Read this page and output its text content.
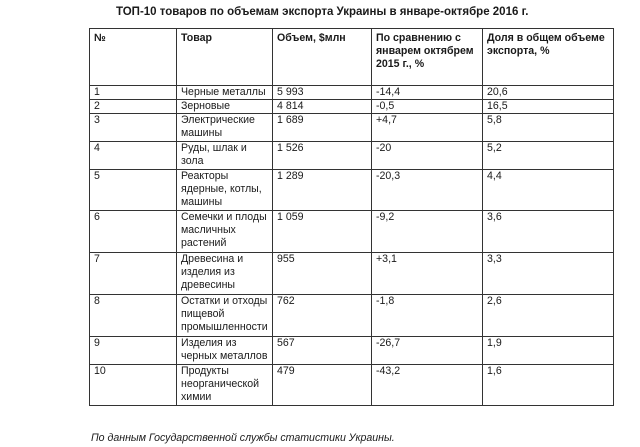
ТОП-10 товаров по объемам экспорта Украины в январе-октябре 2016 г.
№	Товар	Объем, $млн	По сравнению с январем октябрем 2015 г., %	Доля в общем объеме экспорта, %
1	Черные металлы	5 993	-14,4	20,6
2	Зерновые	4 814	-0,5	16,5
3	Электрические машины	1 689	+4,7	5,8
4	Руды, шлак и зола	1 526	-20	5,2
5	Реакторы ядерные, котлы, машины	1 289	-20,3	4,4
6	Семечки и плоды масличных растений	1 059	-9,2	3,6
7	Древесина и изделия из древесины	955	+3,1	3,3
8	Остатки и отходы пищевой промышленности	762	-1,8	2,6
9	Изделия из черных металлов	567	-26,7	1,9
10	Продукты неорганической химии	479	-43,2	1,6
По данным Государственной службы статистики Украины.
